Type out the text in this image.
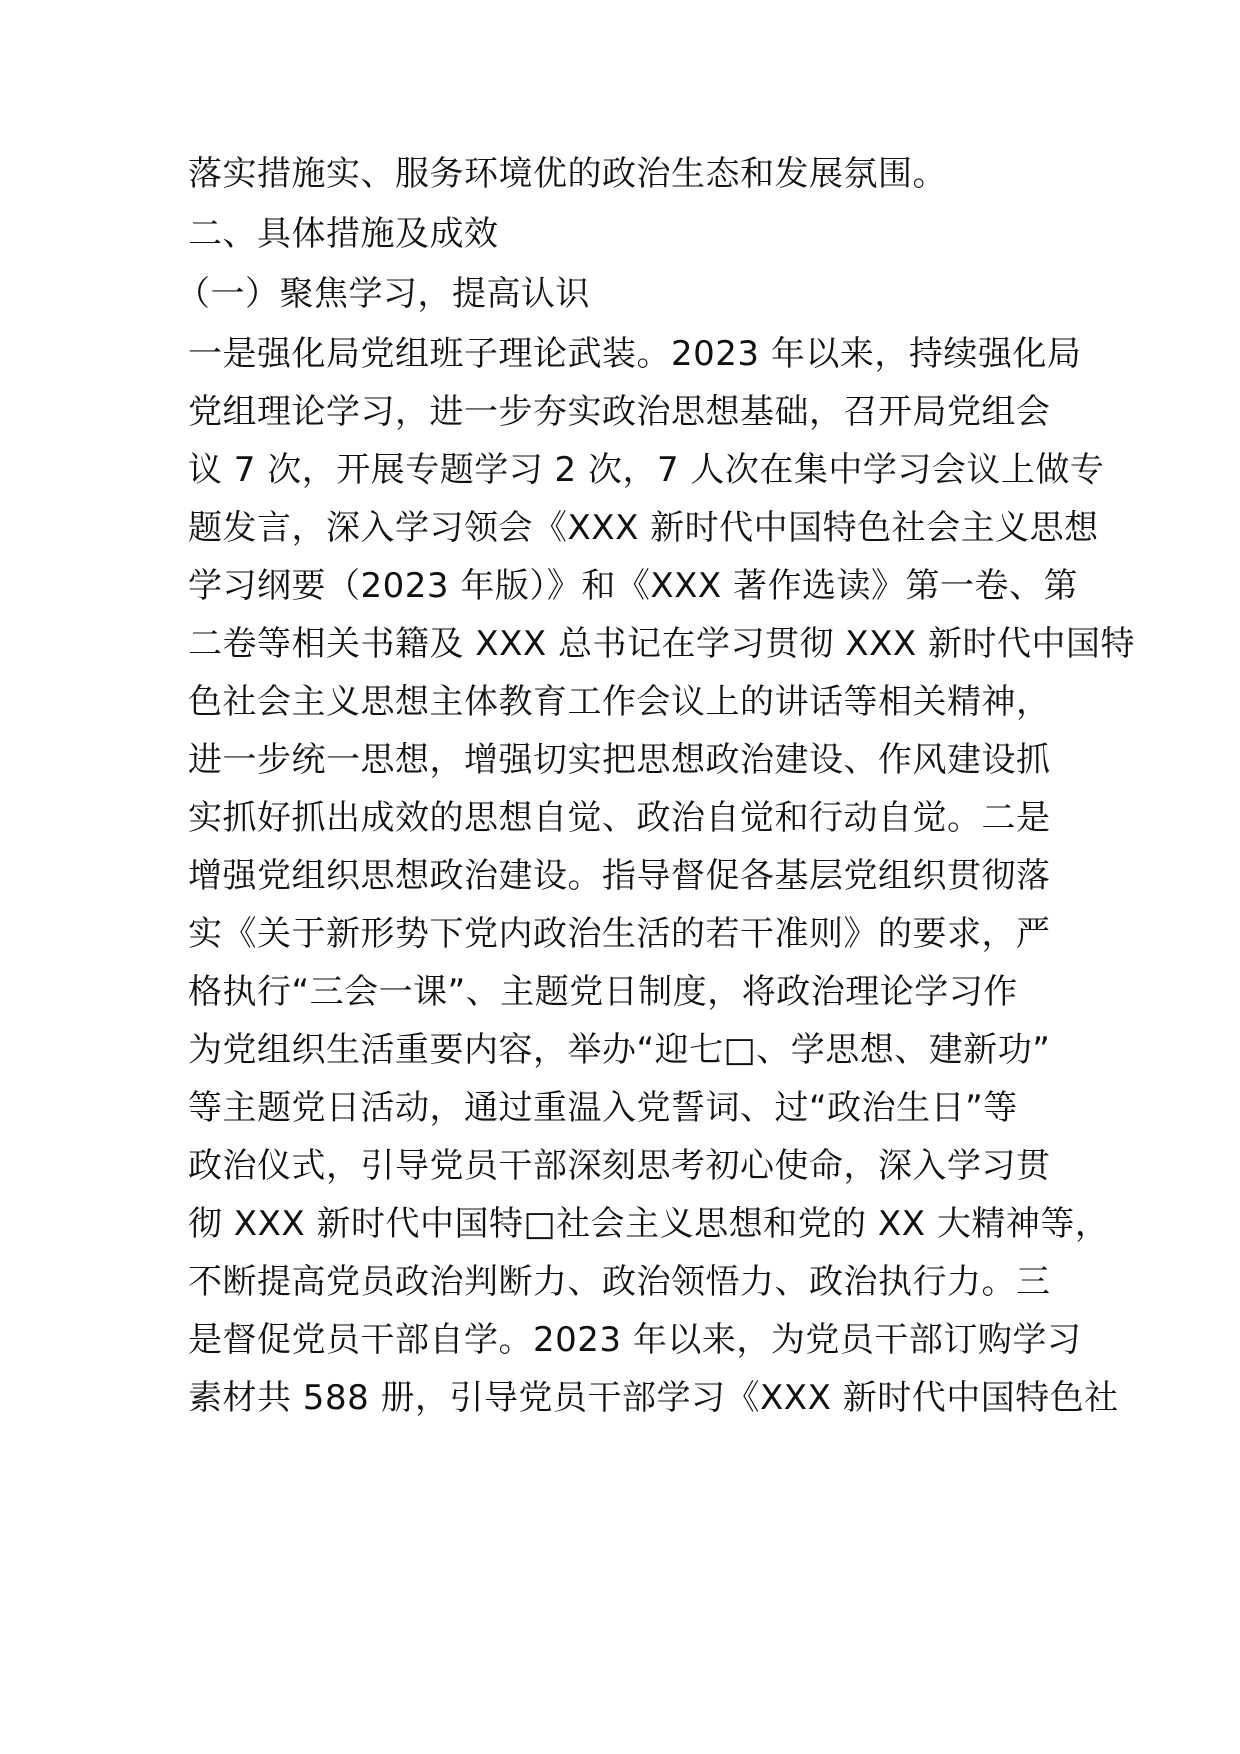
落实措施实、服务环境优的政治生态和发展氛围。
二、具体措施及成效
（一）聚焦学习，提高认识
一是强化局党组班子理论武装。2023 年以来，持续强化局
党组理论学习，进一步夯实政治思想基础，召开局党组会
议 7 次，开展专题学习 2 次，7 人次在集中学习会议上做专
题发言，深入学习领会《XXX 新时代中国特色社会主义思想
学习纲要（2023 年版）》和《XXX 著作选读》第一卷、第
二卷等相关书籍及 XXX 总书记在学习贯彻 XXX 新时代中国特
色社会主义思想主体教育工作会议上的讲话等相关精神，
进一步统一思想，增强切实把思想政治建设、作风建设抓
实抓好抓出成效的思想自觉、政治自觉和行动自觉。二是
增强党组织思想政治建设。指导督促各基层党组织贯彻落
实《关于新形势下党内政治生活的若干准则》的要求，严
格执行“三会一课”、主题党日制度，将政治理论学习作
为党组织生活重要内容，举办“迎七□、学思想、建新功”
等主题党日活动，通过重温入党誓词、过“政治生日”等
政治仪式，引导党员干部深刻思考初心使命，深入学习贯
彻 XXX 新时代中国特□社会主义思想和党的 XX 大精神等，
不断提高党员政治判断力、政治领悟力、政治执行力。三
是督促党员干部自学。2023 年以来，为党员干部订购学习
素材共 588 册，引导党员干部学习《XXX 新时代中国特色社
